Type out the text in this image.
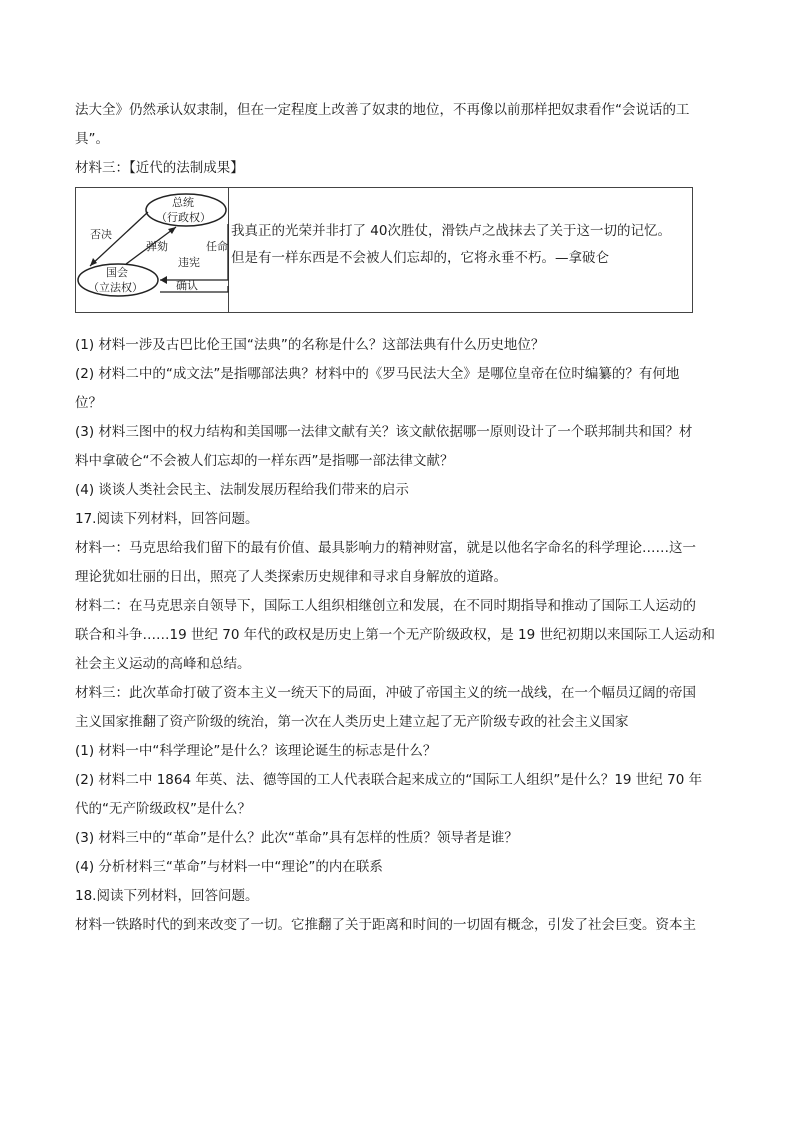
法大全》仍然承认奴隶制，但在一定程度上改善了奴隶的地位，不再像以前那样把奴隶看作“会说话的工
具”。
材料三：【近代的法制成果】
总统
（行政权）
国会
（立法权）
否决
弹劾	任命
违宪
确认
我真正的光荣并非打了 40次胜仗，滑铁卢之战抹去了关于这一切的记忆。
但是有一样东西是不会被人们忘却的，它将永垂不朽。—拿破仑
(1) 材料一涉及古巴比伦王国“法典”的名称是什么？这部法典有什么历史地位？
(2) 材料二中的“成文法”是指哪部法典？材料中的《罗马民法大全》是哪位皇帝在位时编纂的？有何地
位？
(3) 材料三图中的权力结构和美国哪一法律文献有关？该文献依据哪一原则设计了一个联邦制共和国？材
料中拿破仑“不会被人们忘却的一样东西”是指哪一部法律文献？
(4) 谈谈人类社会民主、法制发展历程给我们带来的启示
17.阅读下列材料，回答问题。
材料一：马克思给我们留下的最有价值、最具影响力的精神财富，就是以他名字命名的科学理论……这一
理论犹如壮丽的日出，照亮了人类探索历史规律和寻求自身解放的道路。
材料二：在马克思亲自领导下，国际工人组织相继创立和发展，在不同时期指导和推动了国际工人运动的
联合和斗争……19 世纪 70 年代的政权是历史上第一个无产阶级政权，是 19 世纪初期以来国际工人运动和
社会主义运动的高峰和总结。
材料三：此次革命打破了资本主义一统天下的局面，冲破了帝国主义的统一战线，在一个幅员辽阔的帝国
主义国家推翻了资产阶级的统治，第一次在人类历史上建立起了无产阶级专政的社会主义国家
(1) 材料一中“科学理论”是什么？该理论诞生的标志是什么？
(2) 材料二中 1864 年英、法、德等国的工人代表联合起来成立的“国际工人组织”是什么？19 世纪 70 年
代的“无产阶级政权”是什么？
(3) 材料三中的“革命”是什么？此次“革命”具有怎样的性质？领导者是谁？
(4) 分析材料三“革命”与材料一中“理论”的内在联系
18.阅读下列材料，回答问题。
材料一铁路时代的到来改变了一切。它推翻了关于距离和时间的一切固有概念，引发了社会巨变。资本主
